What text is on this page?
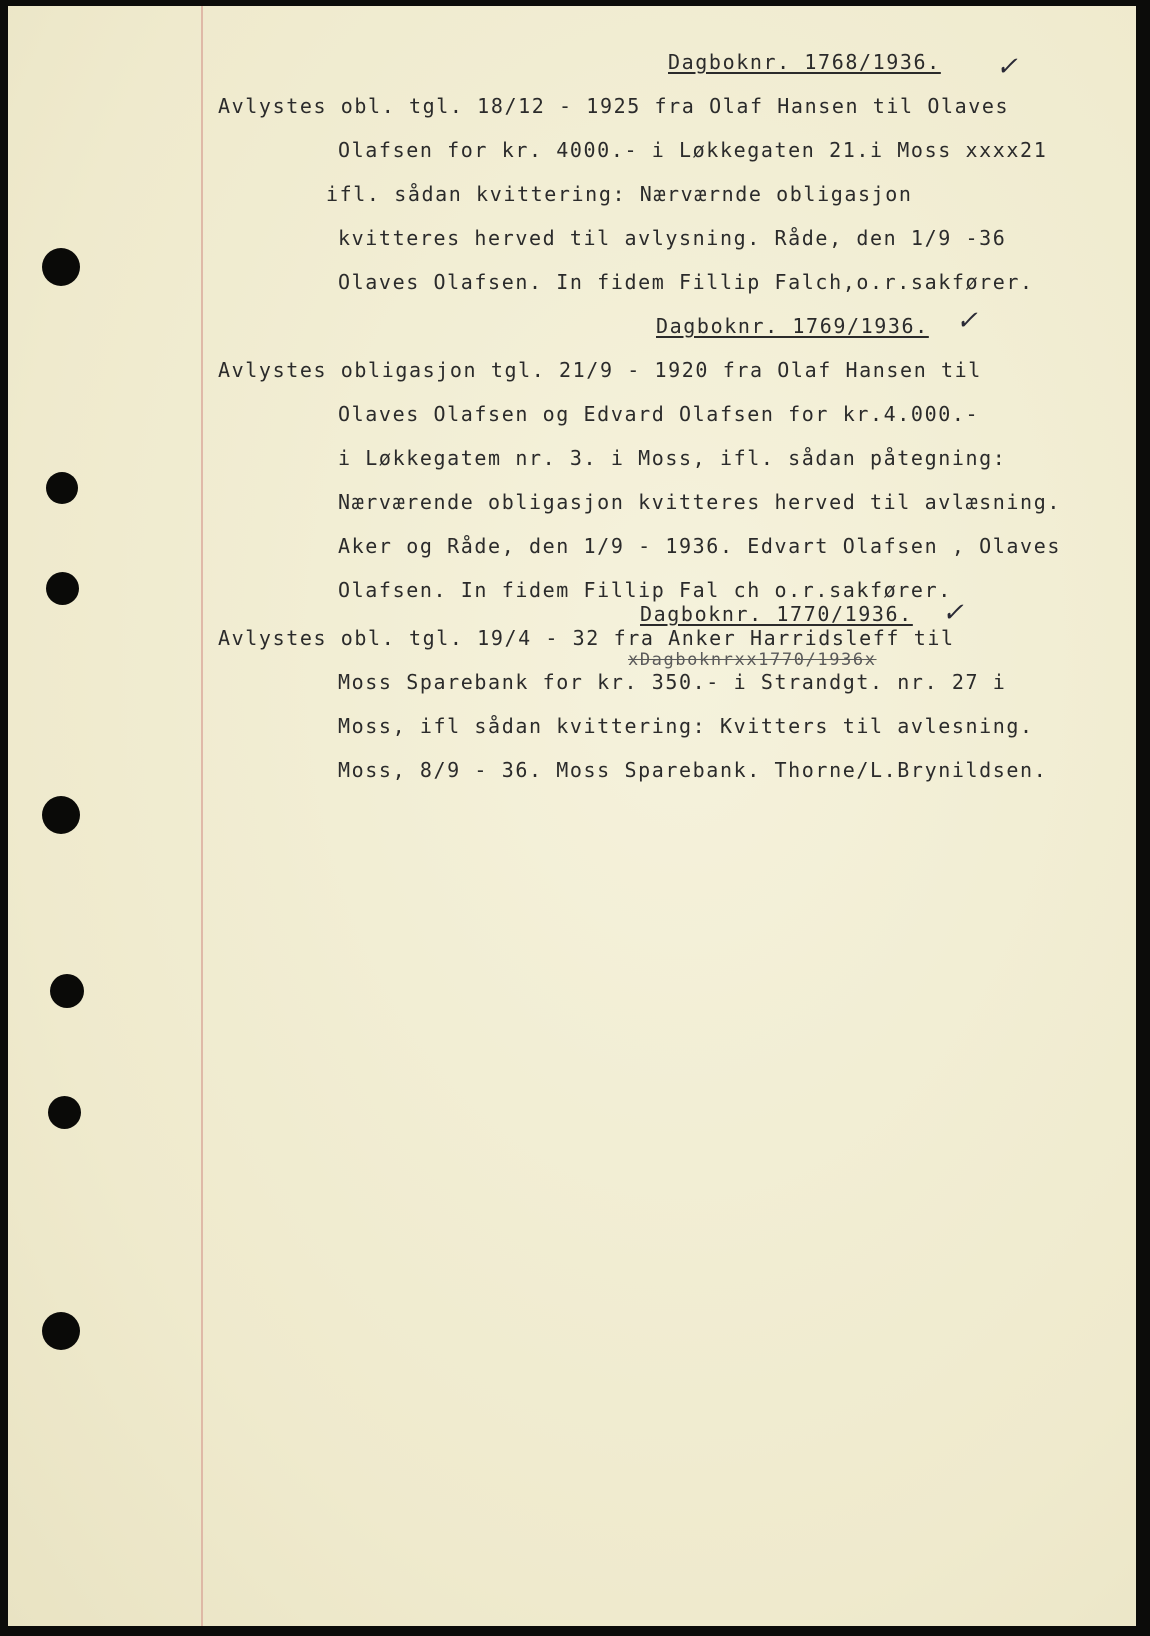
Dagboknr. 1768/1936. ✓
Avlystes obl. tgl. 18/12 - 1925 fra Olaf Hansen til Olaves
Olafsen for kr. 4000.- i Løkkegaten 21.i Moss xxxx21
ifl. sådan kvittering: Nærværnde obligasjon
kvitteres herved til avlysning. Råde, den 1/9 -36
Olaves Olafsen. In fidem Fillip Falch,o.r.sakfører.
Dagboknr. 1769/1936. ✓
Avlystes obligasjon tgl. 21/9 - 1920 fra Olaf Hansen til
Olaves Olafsen og Edvard Olafsen for kr.4.000.-
i Løkkegatem nr. 3. i Moss, ifl. sådan påtegning:
Nærværende obligasjon kvitteres herved til avlæsning.
Aker og Råde, den 1/9 - 1936. Edvart Olafsen , Olaves
Olafsen. In fidem Fillip Fal ch o.r.sakfører.
Dagboknr. 1770/1936. ✓
Avlystes obl. tgl. 19/4 - 32 fra Anker Harridsleff til
xDagboknrxx1770/1936x
Moss Sparebank for kr. 350.- i Strandgt. nr. 27 i
Moss, ifl sådan kvittering: Kvitters til avlesning.
Moss, 8/9 - 36. Moss Sparebank. Thorne/L.Brynildsen.
